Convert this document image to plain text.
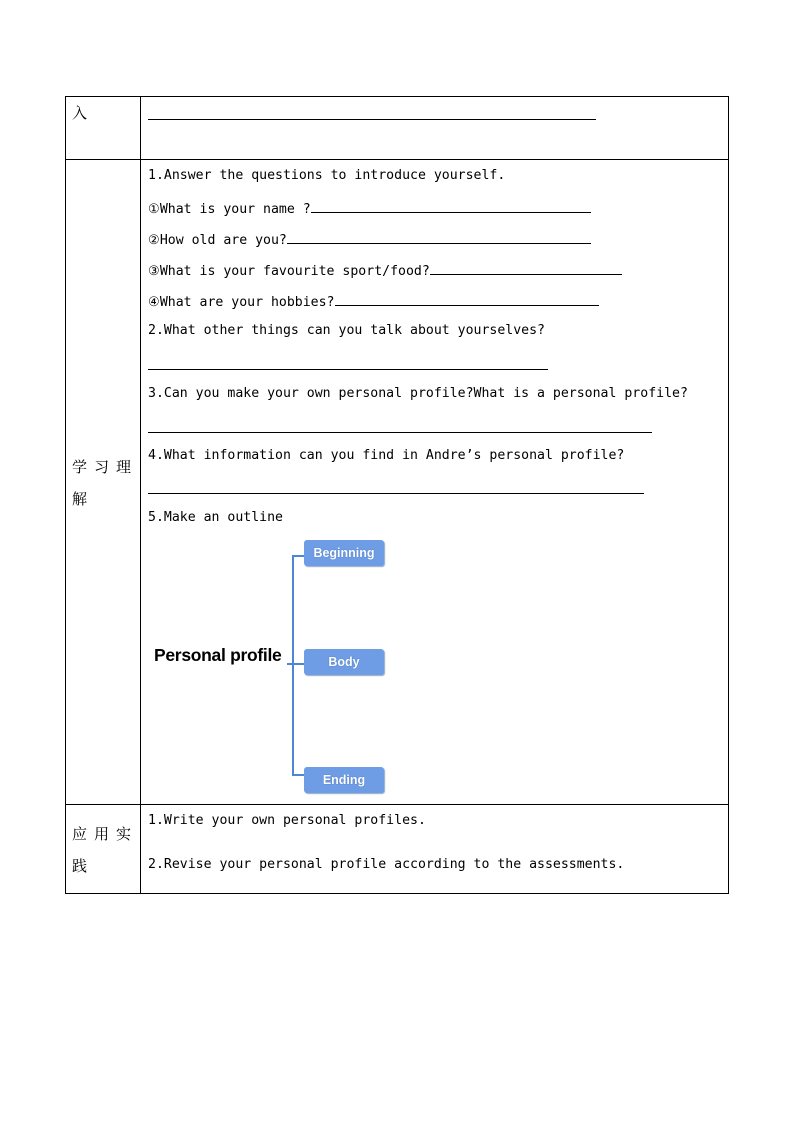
入
学习理解
1.Answer the questions to introduce yourself.
①What is your name ?
②How old are you?
③What is your favourite sport/food?
④What are your hobbies?
2.What other things can you talk about yourselves?
3.Can you make your own personal profile?What is a personal profile?
4.What information can you find in Andre’s personal profile?
5.Make an outline
Personal profile
Beginning
Body
Ending
应用实践
1.Write your own personal profiles.
2.Revise your personal profile according to the assessments.
